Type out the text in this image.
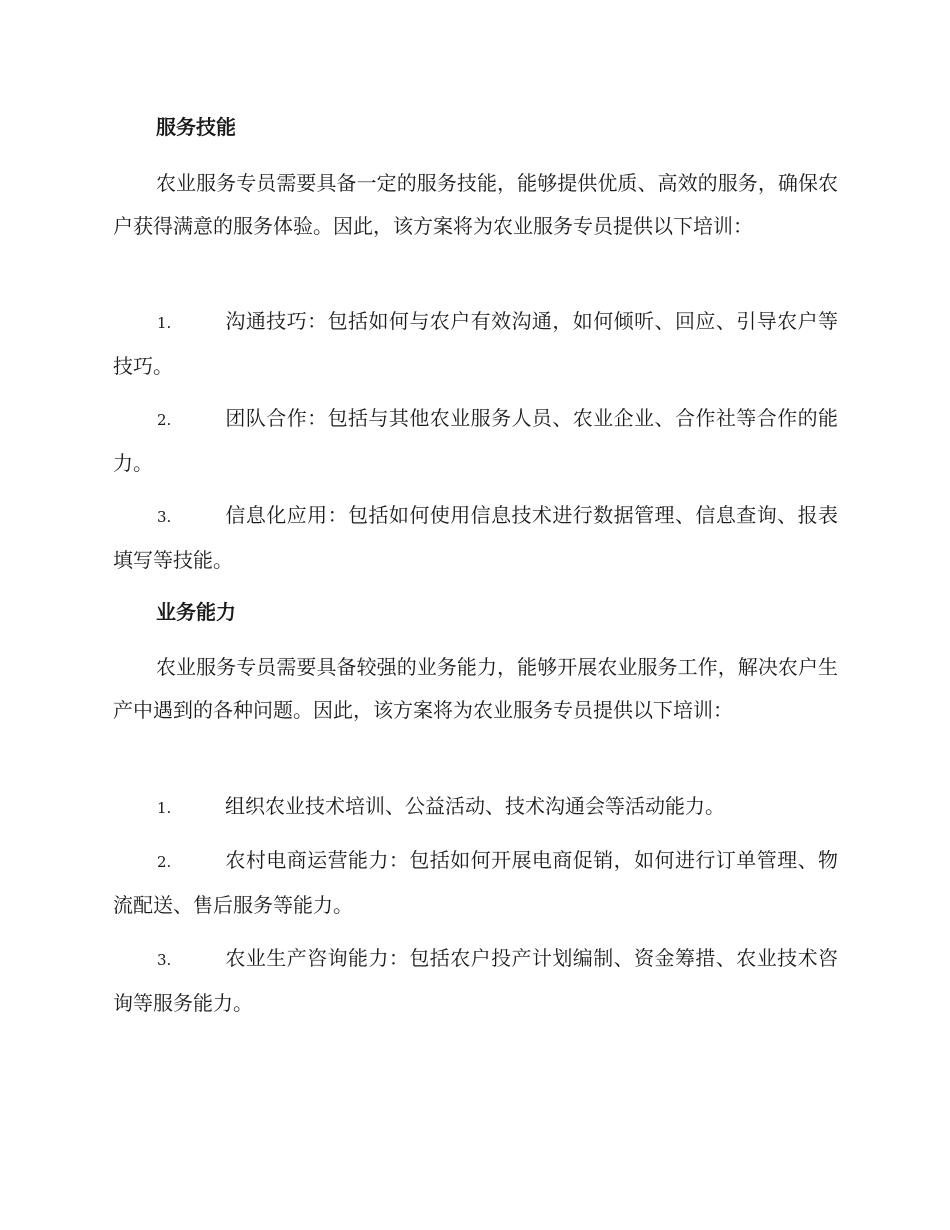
服务技能

农业服务专员需要具备一定的服务技能，能够提供优质、高效的服务，确保农户获得满意的服务体验。因此，该方案将为农业服务专员提供以下培训：

1.	沟通技巧：包括如何与农户有效沟通，如何倾听、回应、引导农户等技巧。

2.	团队合作：包括与其他农业服务人员、农业企业、合作社等合作的能力。

3.	信息化应用：包括如何使用信息技术进行数据管理、信息查询、报表填写等技能。

业务能力

农业服务专员需要具备较强的业务能力，能够开展农业服务工作，解决农户生产中遇到的各种问题。因此，该方案将为农业服务专员提供以下培训：

1.	组织农业技术培训、公益活动、技术沟通会等活动能力。

2.	农村电商运营能力：包括如何开展电商促销，如何进行订单管理、物流配送、售后服务等能力。

3.	农业生产咨询能力：包括农户投产计划编制、资金筹措、农业技术咨询等服务能力。
